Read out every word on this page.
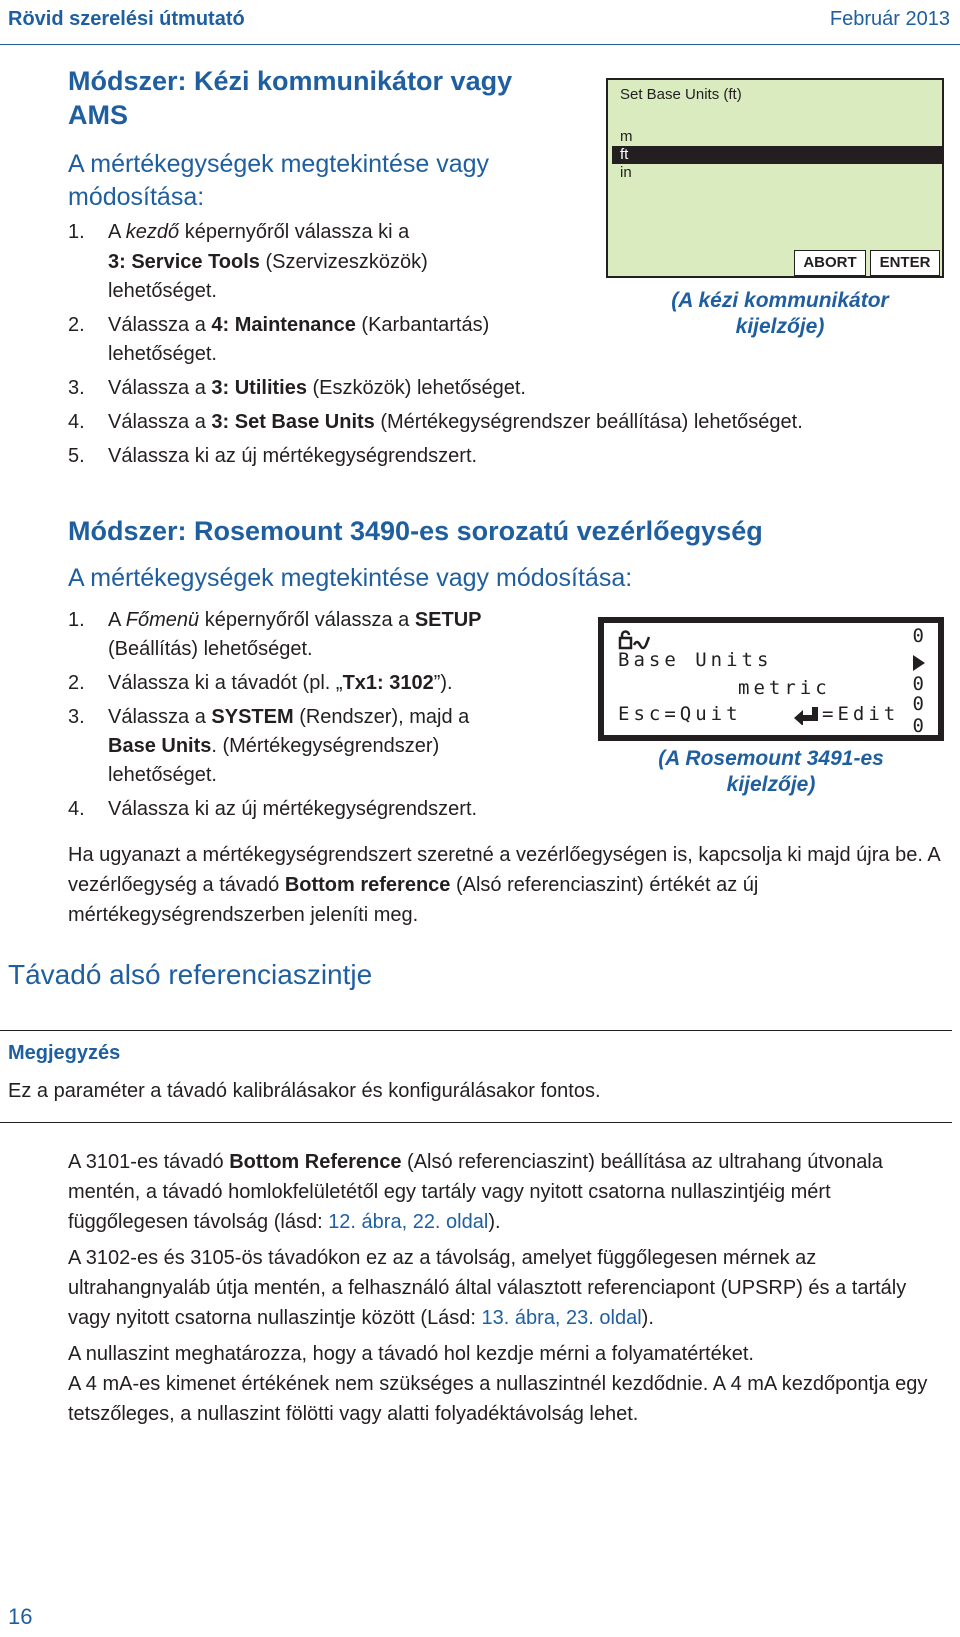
Rövid szerelési útmutató	Február 2013
Módszer: Kézi kommunikátor vagy
AMS
A mértékegységek megtekintése vagy
módosítása:
1. A kezdő képernyőről válassza ki a
3: Service Tools (Szervizeszközök)
lehetőséget.
2. Válassza a 4: Maintenance (Karbantartás)
lehetőséget.
3. Válassza a 3: Utilities (Eszközök) lehetőséget.
4. Válassza a 3: Set Base Units (Mértékegységrendszer beállítása) lehetőséget.
5. Válassza ki az új mértékegységrendszert.
Set Base Units (ft)
m
ft
in
ABORT	ENTER
(A kézi kommunikátor
kijelzője)
Módszer: Rosemount 3490-es sorozatú vezérlőegység
A mértékegységek megtekintése vagy módosítása:
1. A Főmenü képernyőről válassza a SETUP
(Beállítás) lehetőséget.
2. Válassza ki a távadót (pl. „Tx1: 3102”).
3. Válassza a SYSTEM (Rendszer), majd a
Base Units. (Mértékegységrendszer)
lehetőséget.
4. Válassza ki az új mértékegységrendszert.
0
Base Units
metric	0
0
Esc=Quit	=Edit
0
(A Rosemount 3491-es
kijelzője)
Ha ugyanazt a mértékegységrendszert szeretné a vezérlőegységen is, kapcsolja ki majd újra be. A vezérlőegység a távadó Bottom reference (Alsó referenciaszint) értékét az új mértékegységrendszerben jeleníti meg.
Távadó alsó referenciaszintje
Megjegyzés
Ez a paraméter a távadó kalibrálásakor és konfigurálásakor fontos.
A 3101-es távadó Bottom Reference (Alsó referenciaszint) beállítása az ultrahang útvonala mentén, a távadó homlokfelületétől egy tartály vagy nyitott csatorna nullaszintjéig mért függőlegesen távolság (lásd: 12. ábra, 22. oldal).
A 3102-es és 3105-ös távadókon ez az a távolság, amelyet függőlegesen mérnek az ultrahangnyaláb útja mentén, a felhasználó által választott referenciapont (UPSRP) és a tartály vagy nyitott csatorna nullaszintje között (Lásd: 13. ábra, 23. oldal).
A nullaszint meghatározza, hogy a távadó hol kezdje mérni a folyamatértéket.
A 4 mA-es kimenet értékének nem szükséges a nullaszintnél kezdődnie. A 4 mA kezdőpontja egy tetszőleges, a nullaszint fölötti vagy alatti folyadéktávolság lehet.
16
